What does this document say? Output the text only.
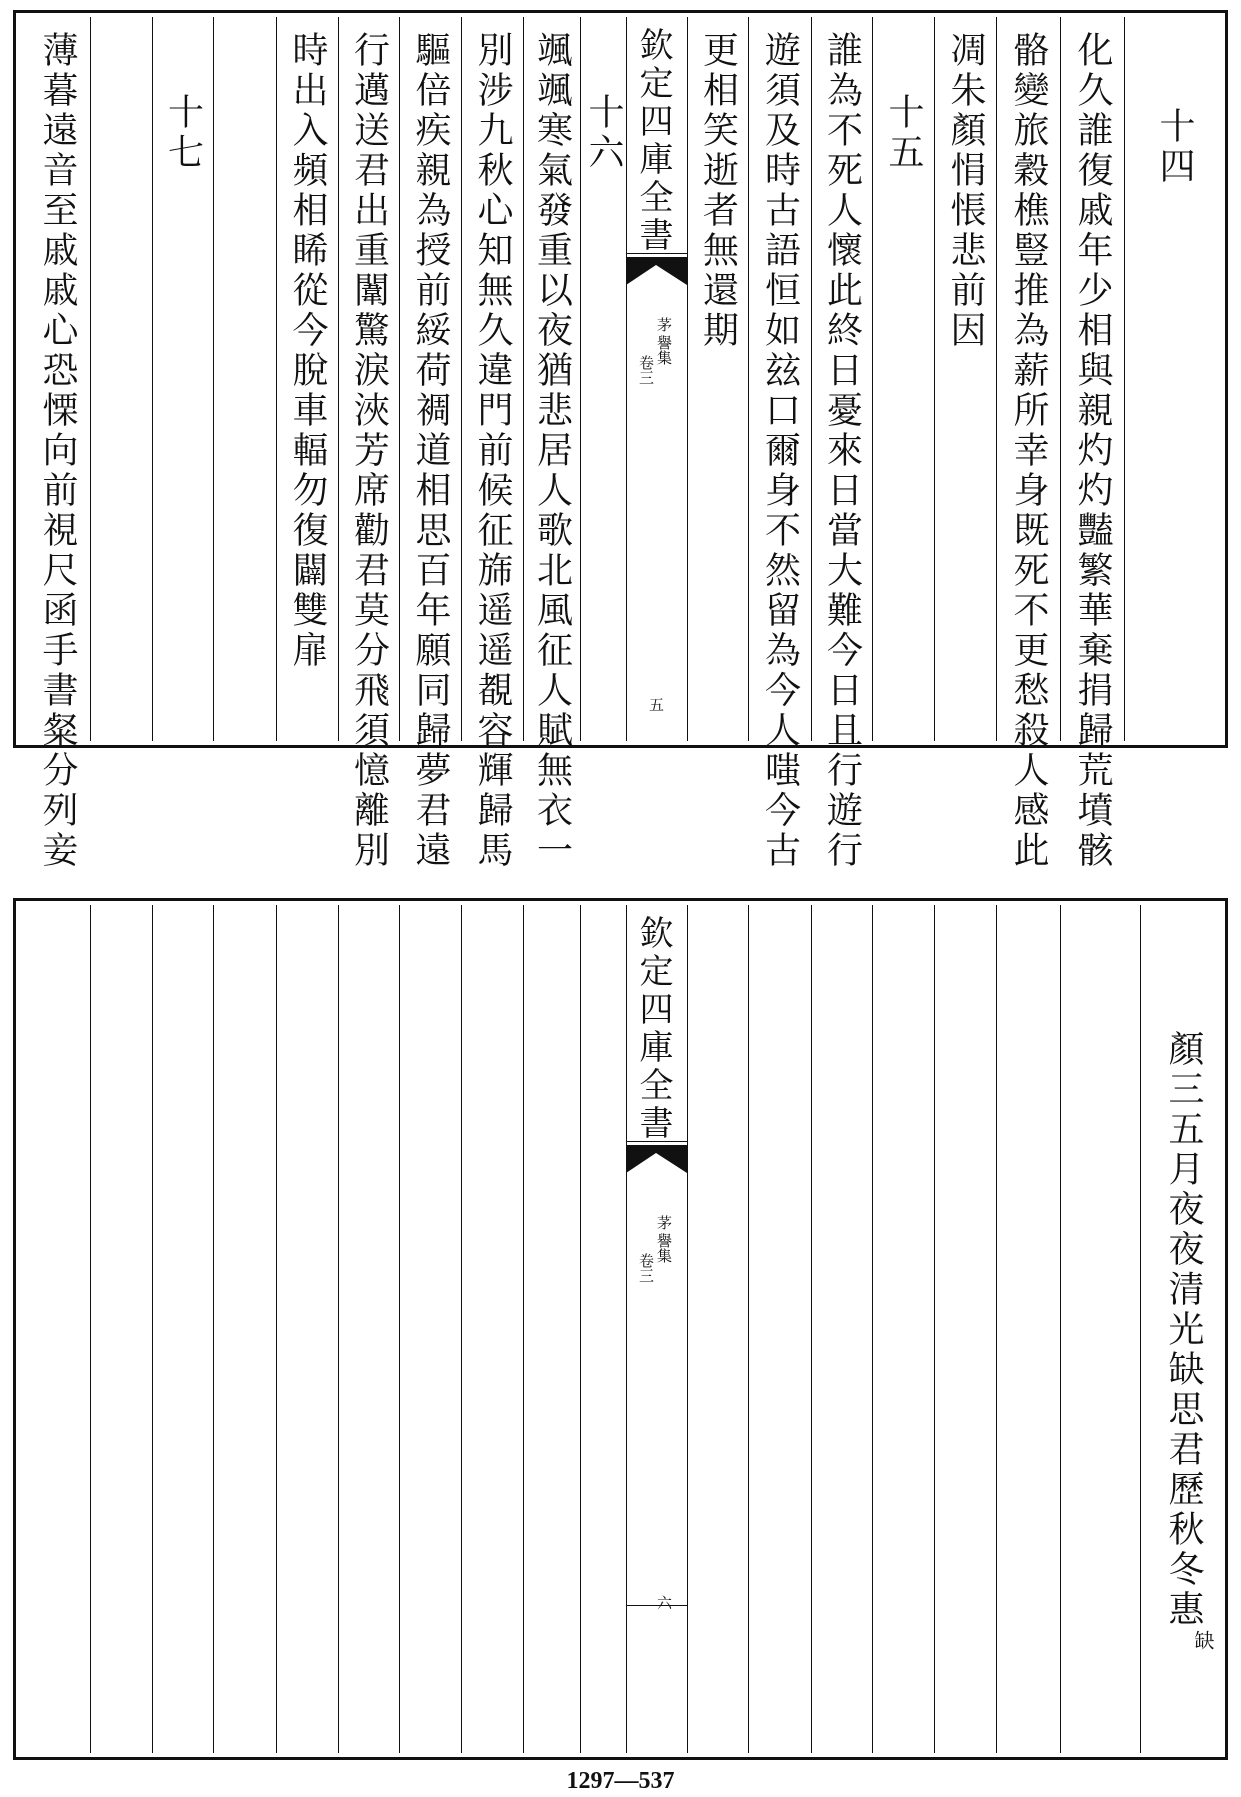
十四
化久誰復戚年少相與親灼灼豔繁華棄捐歸荒墳骸
骼變旅穀樵豎推為薪所幸身既死不更愁殺人感此
凋朱顏悁悵悲前因
十五
誰為不死人懷此終日憂來日當大難今日且行遊行
遊須及時古語恒如玆口爾身不然留為今人嗤今古
更相笑逝者無還期
欽定四庫全書
茅
譽集
卷三
五
十六
颯颯寒氣發重以夜猶悲居人歌北風征人賦無衣一
別涉九秋心知無久違門前候征旆遥遥覩容輝歸馬
驅倍疾親為授前綏荷裯道相思百年願同歸夢君遠
行邁送君出重闈驚淚浹芳席勸君莫分飛須憶離別
時出入頻相睎從今脫車輻勿復闢雙扉
十七
薄暮遠音至戚戚心恐慄向前視尺函手書粲分列妾
顏三五月夜夜清光缺思君歷秋冬惠
缺
欽定四庫全書
茅
譽集
卷三
六
1297—537
